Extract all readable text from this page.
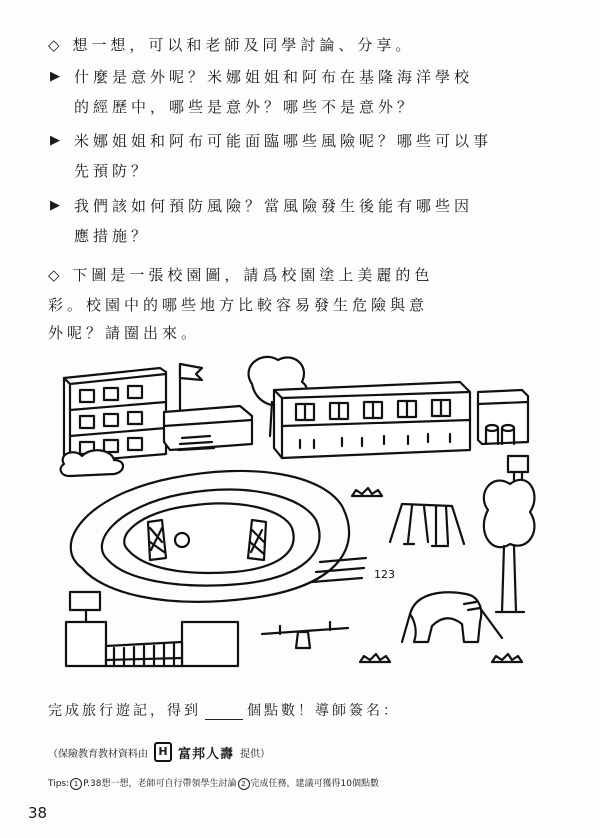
◇ 想一想，可以和老師及同學討論、分享。
▶ 什麼是意外呢？米娜姐姐和阿布在基隆海洋學校
的經歷中，哪些是意外？哪些不是意外？
▶ 米娜姐姐和阿布可能面臨哪些風險呢？哪些可以事
先預防？
▶ 我們該如何預防風險？當風險發生後能有哪些因
應措施？
◇ 下圖是一張校園圖，請爲校園塗上美麗的色
彩。校園中的哪些地方比較容易發生危險與意
外呢？請圈出來。
123
完成旅行遊記，得到	個點數！導師簽名：
（保險教育教材資料由 H 富邦人壽 提供）
Tips: 1 P.38想一想，老師可自行帶領學生討論 2 完成任務，建議可獲得10個點數
38
